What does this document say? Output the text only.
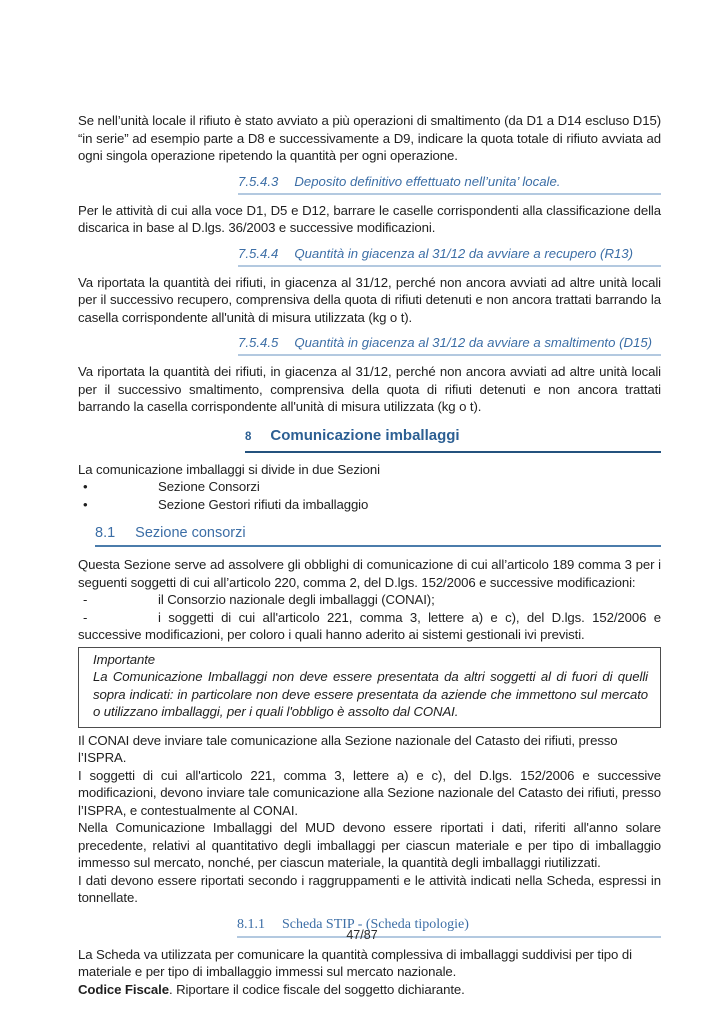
Se nell’unità locale il rifiuto è stato avviato a più operazioni di smaltimento (da D1 a D14 escluso D15) “in serie” ad esempio parte a D8 e successivamente a D9, indicare la quota totale di rifiuto avviata ad ogni singola operazione ripetendo la quantità per ogni operazione.

7.5.4.3 Deposito definitivo effettuato nell’unita’ locale.

Per le attività di cui alla voce D1, D5 e D12, barrare le caselle corrispondenti alla classificazione della discarica in base al D.lgs. 36/2003 e successive modificazioni.

7.5.4.4 Quantità in giacenza al 31/12 da avviare a recupero (R13)

Va riportata la quantità dei rifiuti, in giacenza al 31/12, perché non ancora avviati ad altre unità locali per il successivo recupero, comprensiva della quota di rifiuti detenuti e non ancora trattati barrando la casella corrispondente all'unità di misura utilizzata (kg o t).

7.5.4.5 Quantità in giacenza al 31/12 da avviare a smaltimento (D15)

Va riportata la quantità dei rifiuti, in giacenza al 31/12, perché non ancora avviati ad altre unità locali per il successivo smaltimento, comprensiva della quota di rifiuti detenuti e non ancora trattati barrando la casella corrispondente all'unità di misura utilizzata (kg o t).

8 Comunicazione imballaggi

La comunicazione imballaggi si divide in due Sezioni

•	Sezione Consorzi

•	Sezione Gestori rifiuti da imballaggio

8.1 Sezione consorzi

Questa Sezione serve ad assolvere gli obblighi di comunicazione di cui all’articolo 189 comma 3 per i seguenti soggetti di cui all’articolo 220, comma 2, del D.lgs. 152/2006 e successive modificazioni:

-	il Consorzio nazionale degli imballaggi (CONAI);

-	i soggetti di cui all'articolo 221, comma 3, lettere a) e c), del D.lgs. 152/2006 e successive modificazioni, per coloro i quali hanno aderito ai sistemi gestionali ivi previsti.

Importante

La Comunicazione Imballaggi non deve essere presentata da altri soggetti al di fuori di quelli sopra indicati: in particolare non deve essere presentata da aziende che immettono sul mercato o utilizzano imballaggi, per i quali l'obbligo è assolto dal CONAI.

Il CONAI deve inviare tale comunicazione alla Sezione nazionale del Catasto dei rifiuti, presso l’ISPRA.

I soggetti di cui all'articolo 221, comma 3, lettere a) e c), del D.lgs. 152/2006 e successive modificazioni, devono inviare tale comunicazione alla Sezione nazionale del Catasto dei rifiuti, presso l’ISPRA, e contestualmente al CONAI.

Nella Comunicazione Imballaggi del MUD devono essere riportati i dati, riferiti all'anno solare precedente, relativi al quantitativo degli imballaggi per ciascun materiale e per tipo di imballaggio immesso sul mercato, nonché, per ciascun materiale, la quantità degli imballaggi riutilizzati.

I dati devono essere riportati secondo i raggruppamenti e le attività indicati nella Scheda, espressi in tonnellate.

8.1.1 Scheda STIP - (Scheda tipologie)

La Scheda va utilizzata per comunicare la quantità complessiva di imballaggi suddivisi per tipo di materiale e per tipo di imballaggio immessi sul mercato nazionale.

Codice Fiscale. Riportare il codice fiscale del soggetto dichiarante.

47/87
